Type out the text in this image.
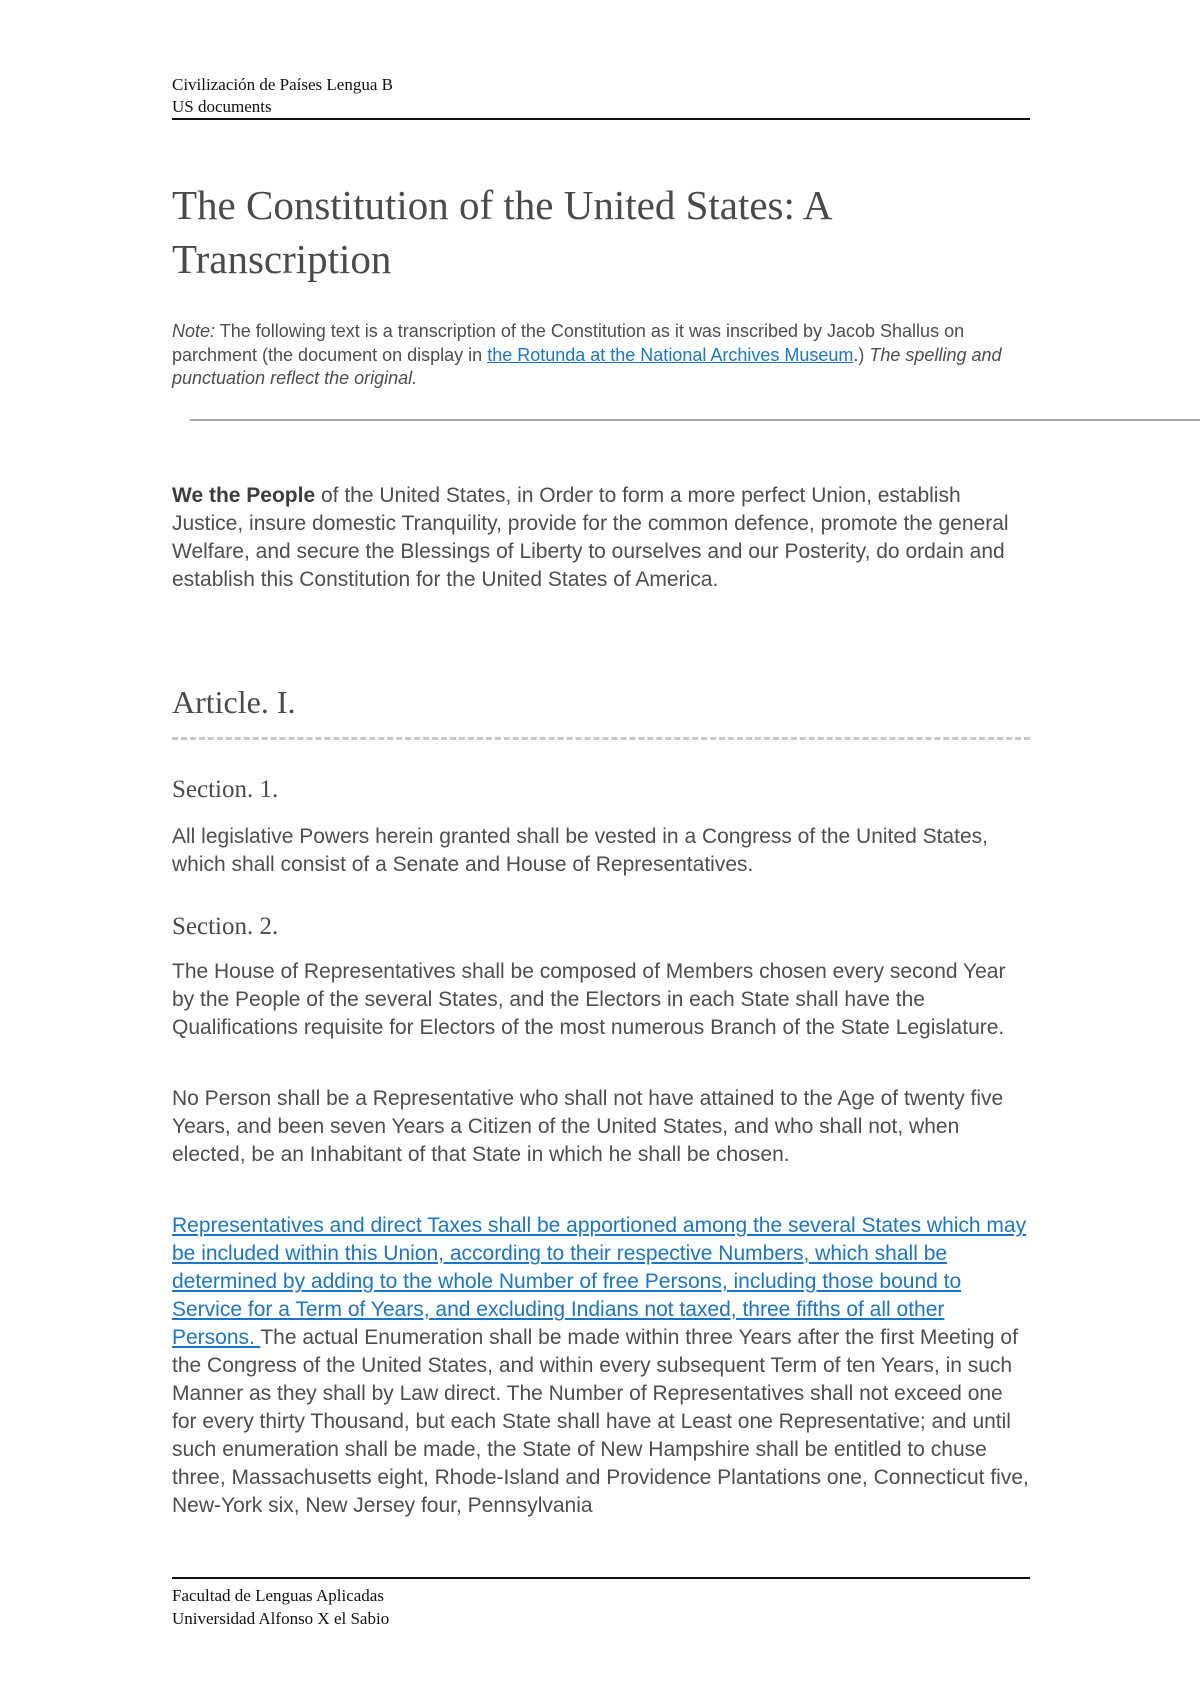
Civilización de Países Lengua B
US documents
The Constitution of the United States: A Transcription
Note: The following text is a transcription of the Constitution as it was inscribed by Jacob Shallus on parchment (the document on display in the Rotunda at the National Archives Museum.) The spelling and punctuation reflect the original.

We the People of the United States, in Order to form a more perfect Union, establish Justice, insure domestic Tranquility, provide for the common defence, promote the general Welfare, and secure the Blessings of Liberty to ourselves and our Posterity, do ordain and establish this Constitution for the United States of America.

Article. I.
Section. 1.

All legislative Powers herein granted shall be vested in a Congress of the United States, which shall consist of a Senate and House of Representatives.

Section. 2.

The House of Representatives shall be composed of Members chosen every second Year by the People of the several States, and the Electors in each State shall have the Qualifications requisite for Electors of the most numerous Branch of the State Legislature.

No Person shall be a Representative who shall not have attained to the Age of twenty five Years, and been seven Years a Citizen of the United States, and who shall not, when elected, be an Inhabitant of that State in which he shall be chosen.

Representatives and direct Taxes shall be apportioned among the several States which may be included within this Union, according to their respective Numbers, which shall be determined by adding to the whole Number of free Persons, including those bound to Service for a Term of Years, and excluding Indians not taxed, three fifths of all other Persons. The actual Enumeration shall be made within three Years after the first Meeting of the Congress of the United States, and within every subsequent Term of ten Years, in such Manner as they shall by Law direct. The Number of Representatives shall not exceed one for every thirty Thousand, but each State shall have at Least one Representative; and until such enumeration shall be made, the State of New Hampshire shall be entitled to chuse three, Massachusetts eight, Rhode-Island and Providence Plantations one, Connecticut five, New-York six, New Jersey four, Pennsylvania

Facultad de Lenguas Aplicadas
Universidad Alfonso X el Sabio
